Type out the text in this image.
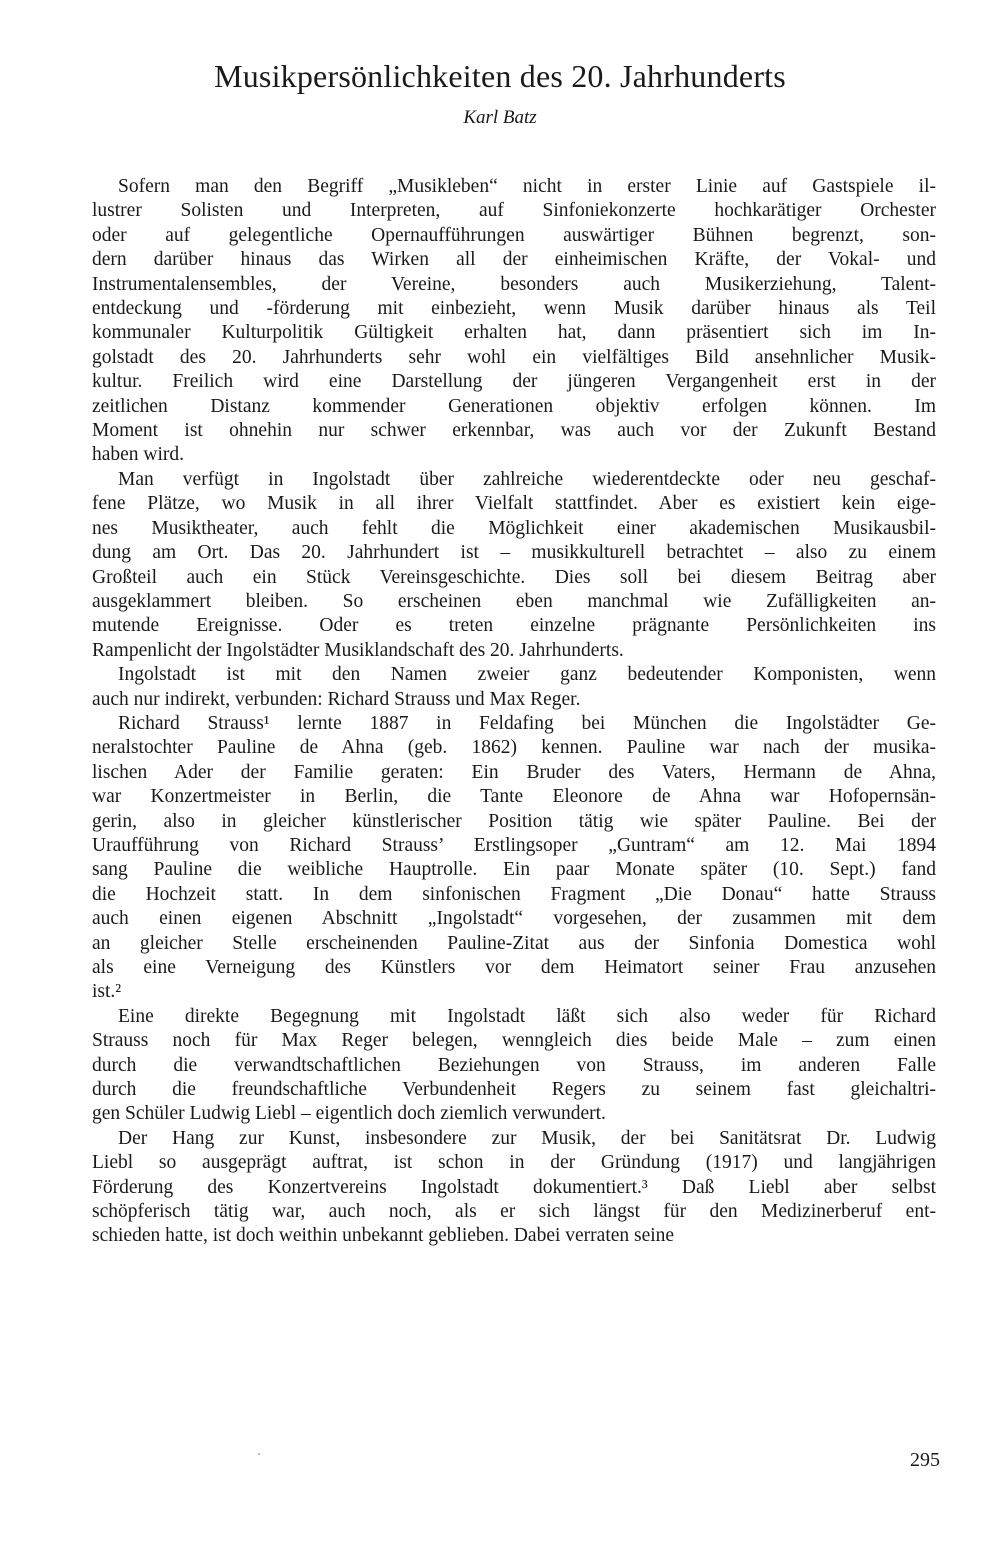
Musikpersönlichkeiten des 20. Jahrhunderts

Karl Batz

Sofern man den Begriff „Musikleben“ nicht in erster Linie auf Gastspiele il-
lustrer Solisten und Interpreten, auf Sinfoniekonzerte hochkarätiger Orchester
oder auf gelegentliche Opernaufführungen auswärtiger Bühnen begrenzt, son-
dern darüber hinaus das Wirken all der einheimischen Kräfte, der Vokal- und
Instrumentalensembles, der Vereine, besonders auch Musikerziehung, Talent-
entdeckung und -förderung mit einbezieht, wenn Musik darüber hinaus als Teil
kommunaler Kulturpolitik Gültigkeit erhalten hat, dann präsentiert sich im In-
golstadt des 20. Jahrhunderts sehr wohl ein vielfältiges Bild ansehnlicher Musik-
kultur. Freilich wird eine Darstellung der jüngeren Vergangenheit erst in der
zeitlichen Distanz kommender Generationen objektiv erfolgen können. Im
Moment ist ohnehin nur schwer erkennbar, was auch vor der Zukunft Bestand
haben wird.

Man verfügt in Ingolstadt über zahlreiche wiederentdeckte oder neu geschaf-
fene Plätze, wo Musik in all ihrer Vielfalt stattfindet. Aber es existiert kein eige-
nes Musiktheater, auch fehlt die Möglichkeit einer akademischen Musikausbil-
dung am Ort. Das 20. Jahrhundert ist – musikkulturell betrachtet – also zu einem
Großteil auch ein Stück Vereinsgeschichte. Dies soll bei diesem Beitrag aber
ausgeklammert bleiben. So erscheinen eben manchmal wie Zufälligkeiten an-
mutende Ereignisse. Oder es treten einzelne prägnante Persönlichkeiten ins
Rampenlicht der Ingolstädter Musiklandschaft des 20. Jahrhunderts.

Ingolstadt ist mit den Namen zweier ganz bedeutender Komponisten, wenn
auch nur indirekt, verbunden: Richard Strauss und Max Reger.

Richard Strauss¹ lernte 1887 in Feldafing bei München die Ingolstädter Ge-
neralstochter Pauline de Ahna (geb. 1862) kennen. Pauline war nach der musika-
lischen Ader der Familie geraten: Ein Bruder des Vaters, Hermann de Ahna,
war Konzertmeister in Berlin, die Tante Eleonore de Ahna war Hofopernsän-
gerin, also in gleicher künstlerischer Position tätig wie später Pauline. Bei der
Uraufführung von Richard Strauss’ Erstlingsoper „Guntram“ am 12. Mai 1894
sang Pauline die weibliche Hauptrolle. Ein paar Monate später (10. Sept.) fand
die Hochzeit statt. In dem sinfonischen Fragment „Die Donau“ hatte Strauss
auch einen eigenen Abschnitt „Ingolstadt“ vorgesehen, der zusammen mit dem
an gleicher Stelle erscheinenden Pauline-Zitat aus der Sinfonia Domestica wohl
als eine Verneigung des Künstlers vor dem Heimatort seiner Frau anzusehen
ist.²

Eine direkte Begegnung mit Ingolstadt läßt sich also weder für Richard
Strauss noch für Max Reger belegen, wenngleich dies beide Male – zum einen
durch die verwandtschaftlichen Beziehungen von Strauss, im anderen Falle
durch die freundschaftliche Verbundenheit Regers zu seinem fast gleichaltri-
gen Schüler Ludwig Liebl – eigentlich doch ziemlich verwundert.

Der Hang zur Kunst, insbesondere zur Musik, der bei Sanitätsrat Dr. Ludwig
Liebl so ausgeprägt auftrat, ist schon in der Gründung (1917) und langjährigen
Förderung des Konzertvereins Ingolstadt dokumentiert.³ Daß Liebl aber selbst
schöpferisch tätig war, auch noch, als er sich längst für den Medizinerberuf ent-
schieden hatte, ist doch weithin unbekannt geblieben. Dabei verraten seine

295
